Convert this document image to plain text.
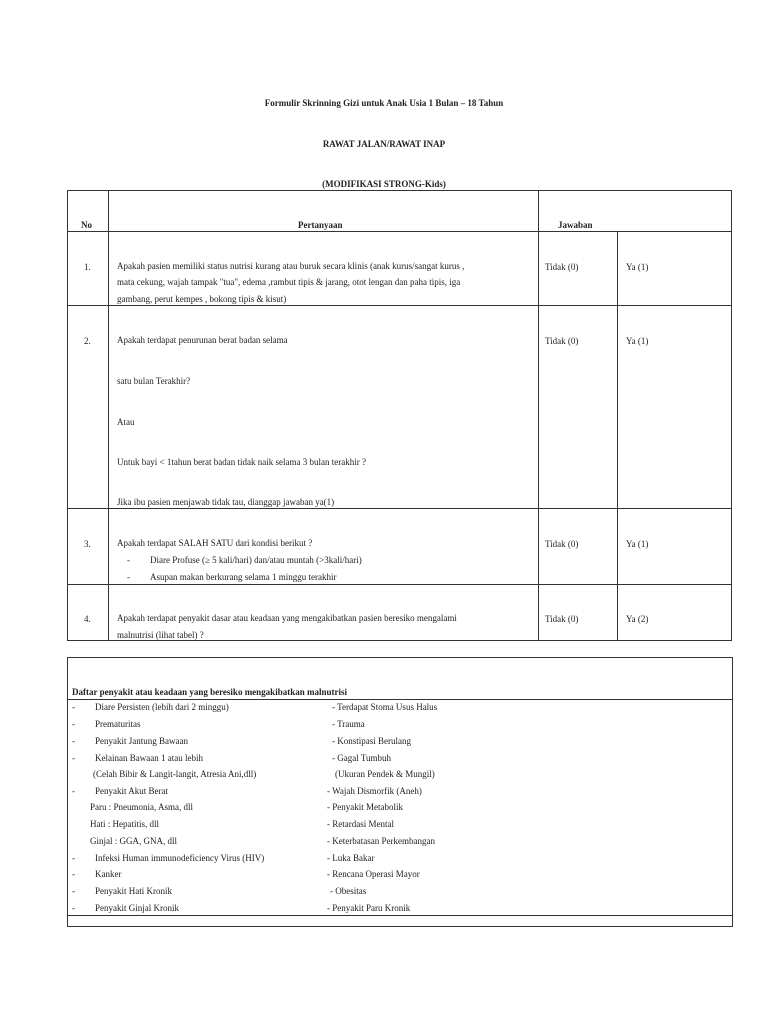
Formulir Skrinning Gizi untuk Anak Usia 1 Bulan – 18 Tahun
RAWAT JALAN/RAWAT INAP
(MODIFIKASI STRONG-Kids)
No	Pertanyaan	Jawaban
1.	Apakah pasien memiliki status nutrisi kurang atau buruk secara klinis (anak kurus/sangat kurus ,
mata cekung, wajah tampak "tua", edema ,rambut tipis & jarang, otot lengan dan paha tipis, iga
gambang, perut kempes , bokong tipis & kisut)
Tidak (0)	Ya (1)
2.	Apakah terdapat penurunan berat badan selama
satu bulan Terakhir?
Atau
Untuk bayi < 1tahun berat badan tidak naik selama 3 bulan terakhir ?
Jika ibu pasien menjawab tidak tau, dianggap jawaban ya(1)
Tidak (0)	Ya (1)
3.	Apakah terdapat SALAH SATU dari kondisi berikut ?
- Diare Profuse (≥ 5 kali/hari) dan/atau muntah (>3kali/hari)
- Asupan makan berkurang selama 1 minggu terakhir
Tidak (0)	Ya (1)
4.	Apakah terdapat penyakit dasar atau keadaan yang mengakibatkan pasien beresiko mengalami
malnutrisi (lihat tabel) ?
Tidak (0)	Ya (2)
Daftar penyakit atau keadaan yang beresiko mengakibatkan malnutrisi
- Diare Persisten (lebih dari 2 minggu)
- Prematuritas
- Penyakit Jantung Bawaan
- Kelainan Bawaan 1 atau lebih
(Celah Bibir & Langit-langit, Atresia Ani,dll)
- Penyakit Akut Berat
Paru : Pneumonia, Asma, dll
Hati : Hepatitis, dll
Ginjal : GGA, GNA, dll
- Infeksi Human immunodeficiency Virus (HIV)
- Kanker
- Penyakit Hati Kronik
- Penyakit Ginjal Kronik
- Terdapat Stoma Usus Halus
- Trauma
- Konstipasi Berulang
- Gagal Tumbuh
(Ukuran Pendek & Mungil)
- Wajah Dismorfik (Aneh)
- Penyakit Metabolik
- Retardasi Mental
- Keterbatasan Perkembangan
- Luka Bakar
- Rencana Operasi Mayor
- Obesitas
- Penyakit Paru Kronik
